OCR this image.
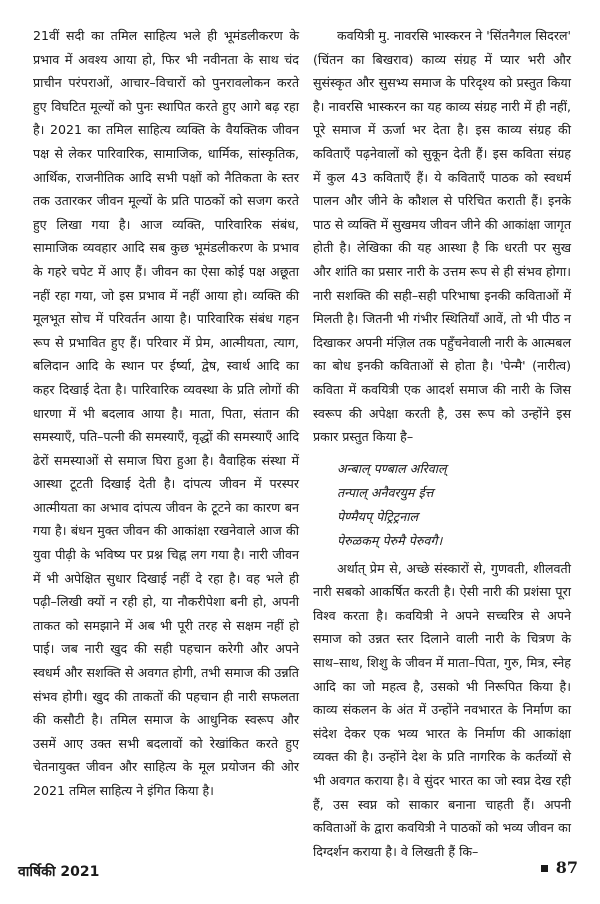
21वीं सदी का तमिल साहित्य भले ही भूमंडलीकरण के प्रभाव में अवश्य आया हो, फिर भी नवीनता के साथ चंद प्राचीन परंपराओं, आचार–विचारों को पुनरावलोकन करते हुए विघटित मूल्यों को पुनः स्थापित करते हुए आगे बढ़ रहा है। 2021 का तमिल साहित्य व्यक्ति के वैयक्तिक जीवन पक्ष से लेकर पारिवारिक, सामाजिक, धार्मिक, सांस्कृतिक, आर्थिक, राजनीतिक आदि सभी पक्षों को नैतिकता के स्तर तक उतारकर जीवन मूल्यों के प्रति पाठकों को सजग करते हुए लिखा गया है। आज व्यक्ति, पारिवारिक संबंध, सामाजिक व्यवहार आदि सब कुछ भूमंडलीकरण के प्रभाव के गहरे चपेट में आए हैं। जीवन का ऐसा कोई पक्ष अछूता नहीं रहा गया, जो इस प्रभाव में नहीं आया हो। व्यक्ति की मूलभूत सोच में परिवर्तन आया है। पारिवारिक संबंध गहन रूप से प्रभावित हुए हैं। परिवार में प्रेम, आत्मीयता, त्याग, बलिदान आदि के स्थान पर ईर्ष्या, द्वेष, स्वार्थ आदि का कहर दिखाई देता है। पारिवारिक व्यवस्था के प्रति लोगों की धारणा में भी बदलाव आया है। माता, पिता, संतान की समस्याएँ, पति–पत्नी की समस्याएँ, वृद्धों की समस्याएँ आदि ढेरों समस्याओं से समाज घिरा हुआ है। वैवाहिक संस्था में आस्था टूटती दिखाई देती है। दांपत्य जीवन में परस्पर आत्मीयता का अभाव दांपत्य जीवन के टूटने का कारण बन गया है। बंधन मुक्त जीवन की आकांक्षा रखनेवाले आज की युवा पीढ़ी के भविष्य पर प्रश्न चिह्न लग गया है। नारी जीवन में भी अपेक्षित सुधार दिखाई नहीं दे रहा है। वह भले ही पढ़ी–लिखी क्यों न रही हो, या नौकरीपेशा बनी हो, अपनी ताकत को समझाने में अब भी पूरी तरह से सक्षम नहीं हो पाई। जब नारी खुद की सही पहचान करेगी और अपने स्वधर्म और सशक्ति से अवगत होगी, तभी समाज की उन्नति संभव होगी। खुद की ताकतों की पहचान ही नारी सफलता की कसौटी है। तमिल समाज के आधुनिक स्वरूप और उसमें आए उक्त सभी बदलावों को रेखांकित करते हुए चेतनायुक्त जीवन और साहित्य के मूल प्रयोजन की ओर 2021 तमिल साहित्य ने इंगित किया है।

कवयित्री मु. नावरसि भास्करन ने 'सिंतनैगल सिदरल' (चिंतन का बिखराव) काव्य संग्रह में प्यार भरी और सुसंस्कृत और सुसभ्य समाज के परिदृश्य को प्रस्तुत किया है। नावरसि भास्करन का यह काव्य संग्रह नारी में ही नहीं, पूरे समाज में ऊर्जा भर देता है। इस काव्य संग्रह की कविताएँ पढ़नेवालों को सुकून देती हैं। इस कविता संग्रह में कुल 43 कविताएँ हैं। ये कविताएँ पाठक को स्वधर्म पालन और जीने के कौशल से परिचित कराती हैं। इनके पाठ से व्यक्ति में सुखमय जीवन जीने की आकांक्षा जागृत होती है। लेखिका की यह आस्था है कि धरती पर सुख और शांति का प्रसार नारी के उत्तम रूप से ही संभव होगा। नारी सशक्ति की सही–सही परिभाषा इनकी कविताओं में मिलती है। जितनी भी गंभीर स्थितियाँ आवें, तो भी पीठ न दिखाकर अपनी मंज़िल तक पहुँचनेवाली नारी के आत्मबल का बोध इनकी कविताओं से होता है। 'पेन्मै' (नारीत्व) कविता में कवयित्री एक आदर्श समाज की नारी के जिस स्वरूप की अपेक्षा करती है, उस रूप को उन्होंने इस प्रकार प्रस्तुत किया है–

अन्बाल् पण्बाल अरिवाल्
तन्पाल् अनैवरयुम ईत्त
पेण्मैयप् पेट्रिट्रनाल
पेरुळकम् पेरुमै पेरुवगै।

अर्थात् प्रेम से, अच्छे संस्कारों से, गुणवती, शीलवती नारी सबको आकर्षित करती है। ऐसी नारी की प्रशंसा पूरा विश्व करता है। कवयित्री ने अपने सच्चरित्र से अपने समाज को उन्नत स्तर दिलाने वाली नारी के चित्रण के साथ–साथ, शिशु के जीवन में माता–पिता, गुरु, मित्र, स्नेह आदि का जो महत्व है, उसको भी निरूपित किया है। काव्य संकलन के अंत में उन्होंने नवभारत के निर्माण का संदेश देकर एक भव्य भारत के निर्माण की आकांक्षा व्यक्त की है। उन्होंने देश के प्रति नागरिक के कर्तव्यों से भी अवगत कराया है। वे सुंदर भारत का जो स्वप्न देख रही हैं, उस स्वप्न को साकार बनाना चाहती हैं। अपनी कविताओं के द्वारा कवयित्री ने पाठकों को भव्य जीवन का दिग्दर्शन कराया है। वे लिखती हैं कि–

वार्षिकी 2021	87
